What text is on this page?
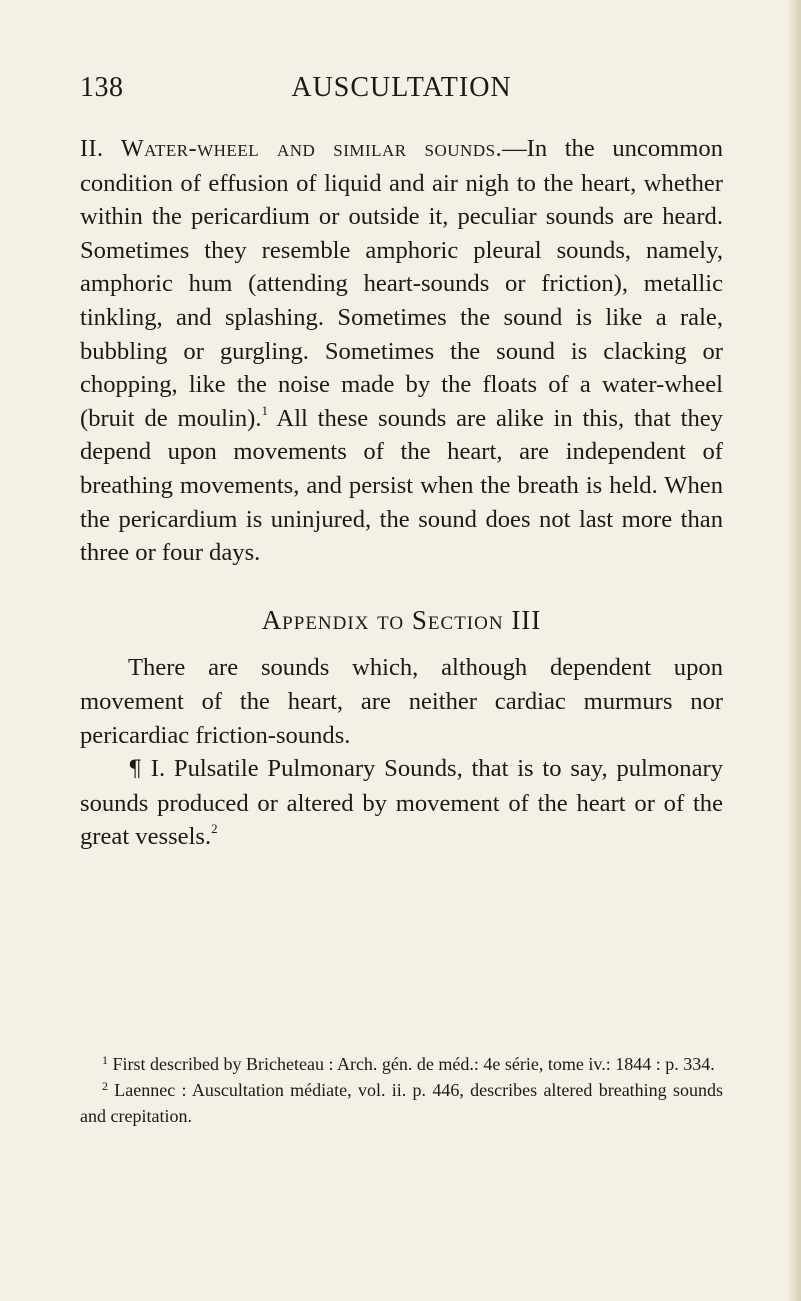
138	AUSCULTATION

II. Water-wheel and similar sounds.—In the uncommon condition of effusion of liquid and air nigh to the heart, whether within the pericardium or outside it, peculiar sounds are heard. Sometimes they resemble amphoric pleural sounds, namely, amphoric hum (attending heart-sounds or friction), metallic tinkling, and splashing. Sometimes the sound is like a rale, bubbling or gurgling. Sometimes the sound is clacking or chopping, like the noise made by the floats of a water-wheel (bruit de moulin).$^1$ All these sounds are alike in this, that they depend upon movements of the heart, are independent of breathing movements, and persist when the breath is held. When the pericardium is uninjured, the sound does not last more than three or four days.

Appendix to Section III

There are sounds which, although dependent upon movement of the heart, are neither cardiac murmurs nor pericardiac friction-sounds.

¶ I. Pulsatile Pulmonary Sounds, that is to say, pulmonary sounds produced or altered by movement of the heart or of the great vessels.$^2$

$^1$ First described by Bricheteau : Arch. gén. de méd.: 4e série, tome iv.: 1844 : p. 334.

$^2$ Laennec : Auscultation médiate, vol. ii. p. 446, describes altered breathing sounds and crepitation.
